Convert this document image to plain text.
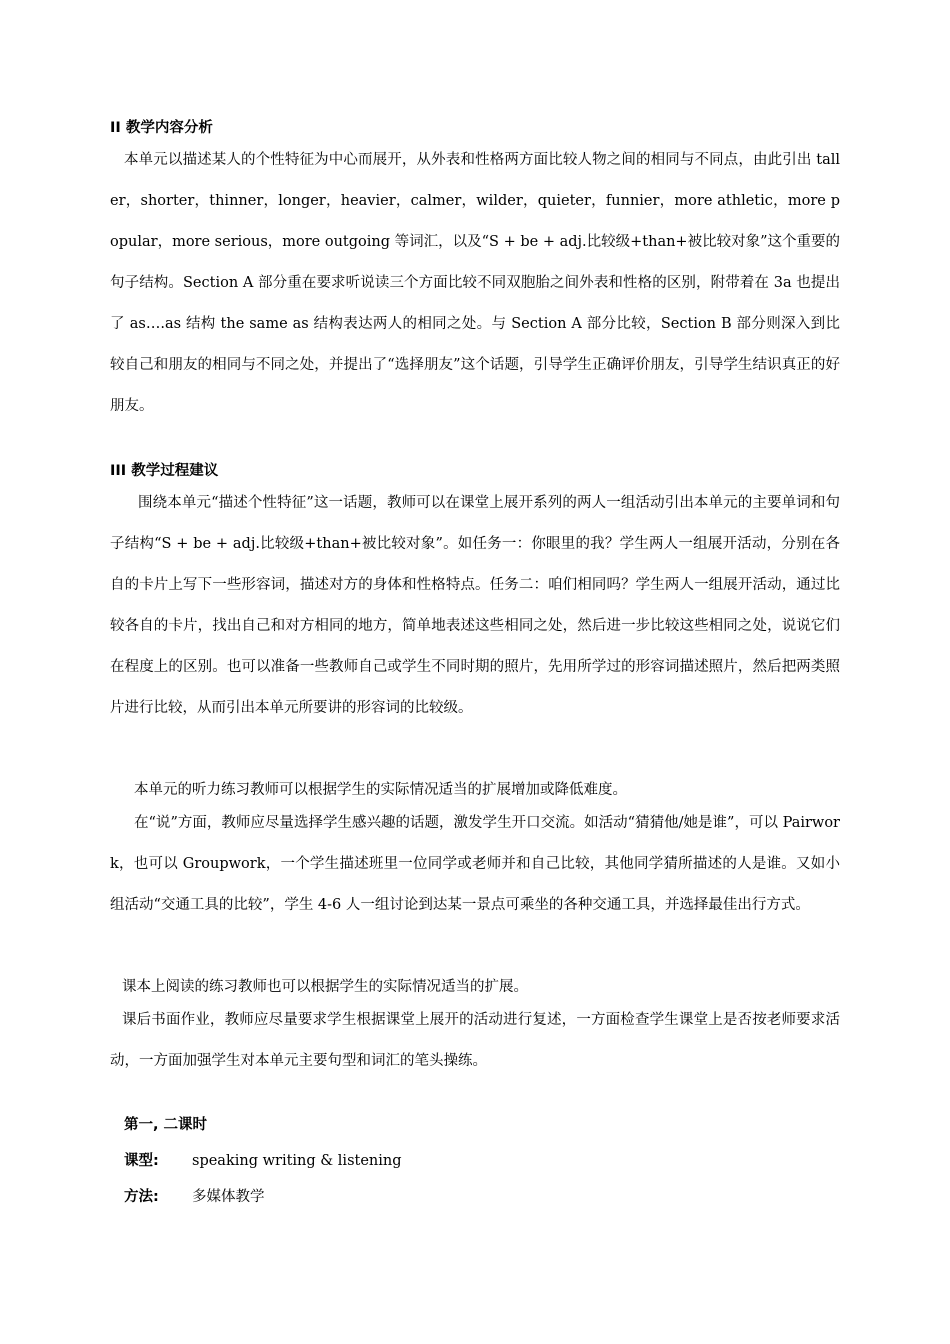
II 教学内容分析

本单元以描述某人的个性特征为中心而展开，从外表和性格两方面比较人物之间的相同与不同点，由此引出 taller，shorter，thinner，longer，heavier，calmer，wilder，quieter，funnier，more athletic，more popular，more serious，more outgoing 等词汇，以及“S + be + adj.比较级+than+被比较对象”这个重要的句子结构。Section A 部分重在要求听说读三个方面比较不同双胞胎之间外表和性格的区别，附带着在 3a 也提出了 as….as 结构 the same as 结构表达两人的相同之处。与 Section A 部分比较，Section B 部分则深入到比较自己和朋友的相同与不同之处，并提出了“选择朋友”这个话题，引导学生正确评价朋友，引导学生结识真正的好朋友。

III 教学过程建议

围绕本单元“描述个性特征”这一话题，教师可以在课堂上展开系列的两人一组活动引出本单元的主要单词和句子结构“S + be + adj.比较级+than+被比较对象”。如任务一：你眼里的我？学生两人一组展开活动，分别在各自的卡片上写下一些形容词，描述对方的身体和性格特点。任务二：咱们相同吗？学生两人一组展开活动，通过比较各自的卡片，找出自己和对方相同的地方，简单地表述这些相同之处，然后进一步比较这些相同之处，说说它们在程度上的区别。也可以准备一些教师自己或学生不同时期的照片，先用所学过的形容词描述照片，然后把两类照片进行比较，从而引出本单元所要讲的形容词的比较级。

本单元的听力练习教师可以根据学生的实际情况适当的扩展增加或降低难度。

在“说”方面，教师应尽量选择学生感兴趣的话题，激发学生开口交流。如活动“猜猜他/她是谁”，可以 Pairwork，也可以 Groupwork，一个学生描述班里一位同学或老师并和自己比较，其他同学猜所描述的人是谁。又如小组活动“交通工具的比较”，学生 4-6 人一组讨论到达某一景点可乘坐的各种交通工具，并选择最佳出行方式。

课本上阅读的练习教师也可以根据学生的实际情况适当的扩展。

课后书面作业，教师应尽量要求学生根据课堂上展开的活动进行复述，一方面检查学生课堂上是否按老师要求活动，一方面加强学生对本单元主要句型和词汇的笔头操练。

第一, 二课时
课型: speaking writing & listening
方法: 多媒体教学
